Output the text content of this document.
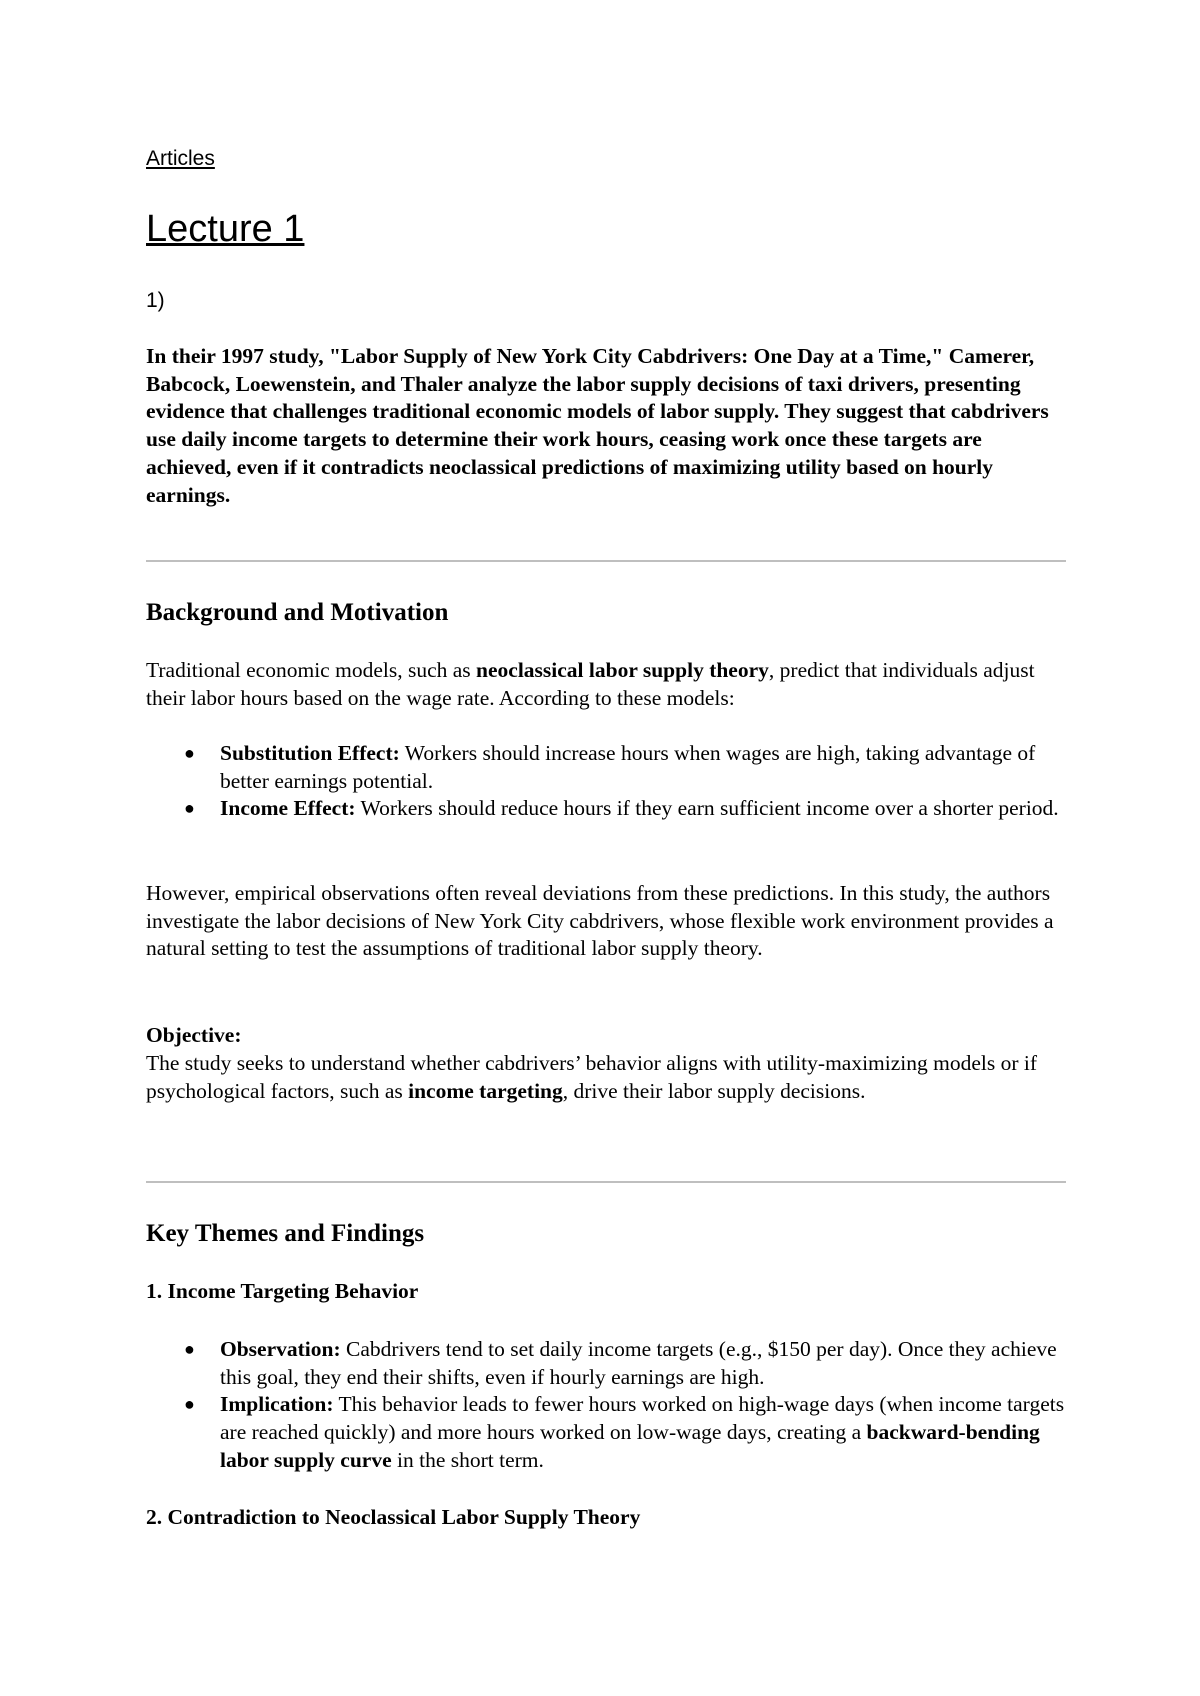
Articles
Lecture 1
1)

In their 1997 study, "Labor Supply of New York City Cabdrivers: One Day at a Time," Camerer, Babcock, Loewenstein, and Thaler analyze the labor supply decisions of taxi drivers, presenting evidence that challenges traditional economic models of labor supply. They suggest that cabdrivers use daily income targets to determine their work hours, ceasing work once these targets are achieved, even if it contradicts neoclassical predictions of maximizing utility based on hourly earnings.

Background and Motivation

Traditional economic models, such as neoclassical labor supply theory, predict that individuals adjust their labor hours based on the wage rate. According to these models:

● Substitution Effect: Workers should increase hours when wages are high, taking advantage of better earnings potential.
● Income Effect: Workers should reduce hours if they earn sufficient income over a shorter period.

However, empirical observations often reveal deviations from these predictions. In this study, the authors investigate the labor decisions of New York City cabdrivers, whose flexible work environment provides a natural setting to test the assumptions of traditional labor supply theory.

Objective:

The study seeks to understand whether cabdrivers’ behavior aligns with utility-maximizing models or if psychological factors, such as income targeting, drive their labor supply decisions.

Key Themes and Findings
1. Income Targeting Behavior
● Observation: Cabdrivers tend to set daily income targets (e.g., $150 per day). Once they achieve this goal, they end their shifts, even if hourly earnings are high.
● Implication: This behavior leads to fewer hours worked on high-wage days (when income targets are reached quickly) and more hours worked on low-wage days, creating a backward-bending labor supply curve in the short term.
2. Contradiction to Neoclassical Labor Supply Theory
